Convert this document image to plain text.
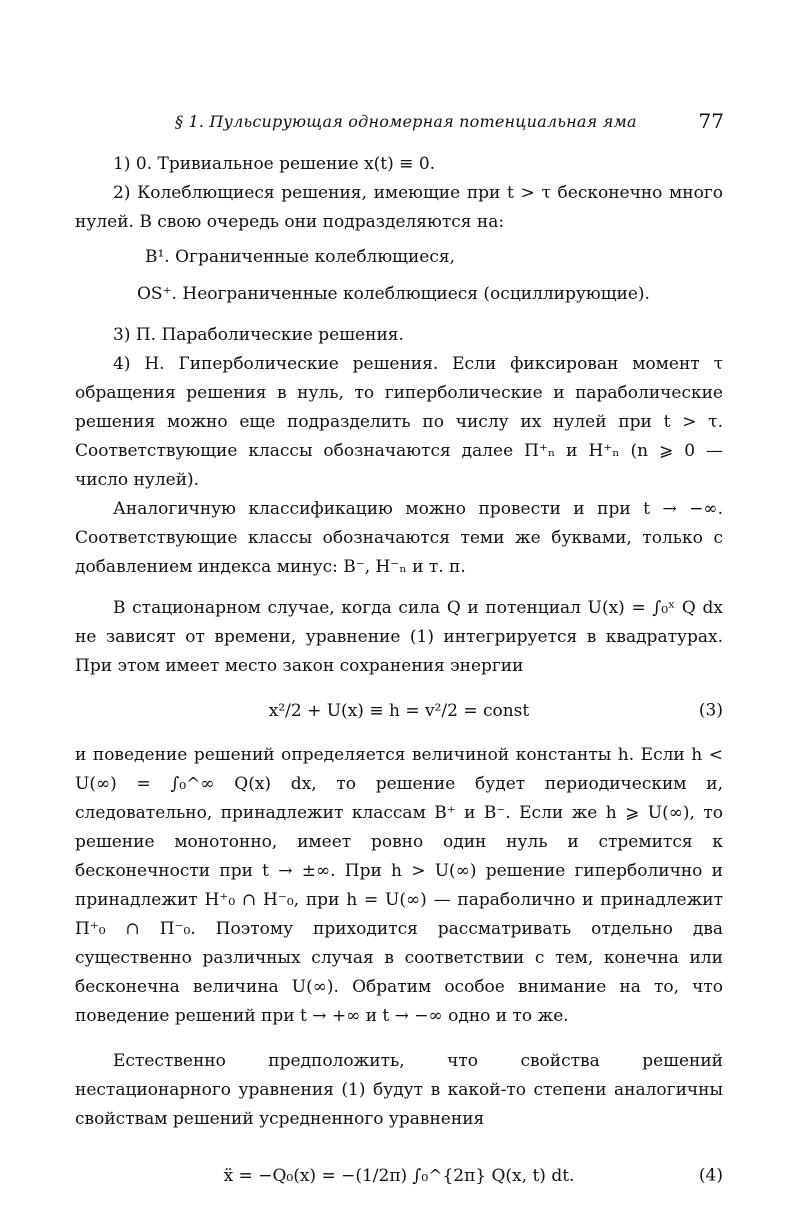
§ 1. Пульсирующая одномерная потенциальная яма	77

1) 0. Тривиальное решение x(t) ≡ 0.

2) Колеблющиеся решения, имеющие при t > τ бесконечно много нулей. В свою очередь они подразделяются на:

B¹. Ограниченные колеблющиеся,

OS⁺. Неограниченные колеблющиеся (осциллирующие).

3) П. Параболические решения.

4) H. Гиперболические решения. Если фиксирован момент τ обращения решения в нуль, то гиперболические и параболические решения можно еще подразделить по числу их нулей при t > τ. Соответствующие классы обозначаются далее Π⁺ₙ и H⁺ₙ (n ⩾ 0 — число нулей).

Аналогичную классификацию можно провести и при t → −∞. Соответствующие классы обозначаются теми же буквами, только с добавлением индекса минус: B⁻, H⁻ₙ и т. п.

В стационарном случае, когда сила Q и потенциал U(x) = ∫₀ˣ Q dx не зависят от времени, уравнение (1) интегрируется в квадратурах. При этом имеет место закон сохранения энергии

x²/2 + U(x) ≡ h = v²/2 = const	(3)

и поведение решений определяется величиной константы h. Если h < U(∞) = ∫₀^∞ Q(x) dx, то решение будет периодическим и, следовательно, принадлежит классам B⁺ и B⁻. Если же h ⩾ U(∞), то решение монотонно, имеет ровно один нуль и стремится к бесконечности при t → ±∞. При h > U(∞) решение гиперболично и принадлежит H⁺₀ ∩ H⁻₀, при h = U(∞) — параболично и принадлежит Π⁺₀ ∩ Π⁻₀. Поэтому приходится рассматривать отдельно два существенно различных случая в соответствии с тем, конечна или бесконечна величина U(∞). Обратим особое внимание на то, что поведение решений при t → +∞ и t → −∞ одно и то же.

Естественно предположить, что свойства решений нестационарного уравнения (1) будут в какой-то степени аналогичны свойствам решений усредненного уравнения

ẍ = −Q₀(x) = −(1/2π) ∫₀^{2π} Q(x, t) dt.	(4)
